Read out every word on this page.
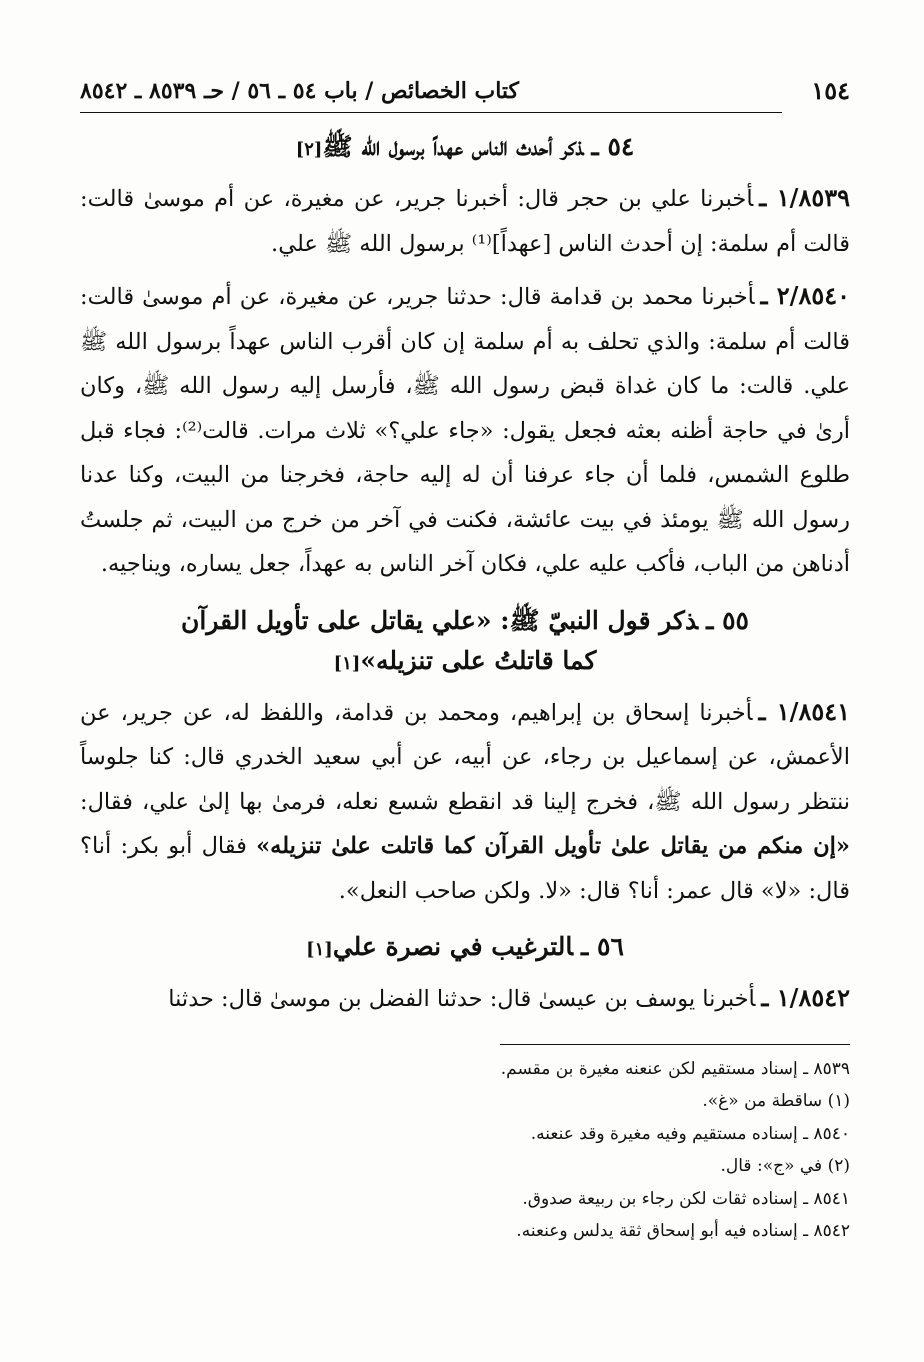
١٥٤
كتاب الخصائص / باب ٥٤ ـ ٥٦ / حـ ٨٥٣٩ ـ ٨٥٤٢
٥٤ ـذكر أحدث الناس عهداً برسول الله ﷺ[٢]

١/٨٥٣٩ ـأخبرنا علي بن حجر قال: أخبرنا جرير، عن مغيرة، عن أم موسىٰ قالت: قالت أم سلمة: إن أحدث الناس [عهداً]⁽¹⁾ برسول الله ﷺ علي.

٢/٨٥٤٠ ـأخبرنا محمد بن قدامة قال: حدثنا جرير، عن مغيرة، عن أم موسىٰ قالت: قالت أم سلمة: والذي تحلف به أم سلمة إن كان أقرب الناس عهداً برسول الله ﷺ علي. قالت: ما كان غداة قبض رسول الله ﷺ، فأرسل إليه رسول الله ﷺ، وكان أرىٰ في حاجة أظنه بعثه فجعل يقول: «جاء علي؟» ثلاث مرات. قالت⁽²⁾: فجاء قبل طلوع الشمس، فلما أن جاء عرفنا أن له إليه حاجة، فخرجنا من البيت، وكنا عدنا رسول الله ﷺ يومئذ في بيت عائشة، فكنت في آخر من خرج من البيت، ثم جلستُ أدناهن من الباب، فأكب عليه علي، فكان آخر الناس به عهداً، جعل يساره، ويناجيه.

٥٥ ـذكر قول النبيّ ﷺ: «علي يقاتل على تأويل القرآن
كما قاتلتُ على تنزيله»[١]

١/٨٥٤١ ـأخبرنا إسحاق بن إبراهيم، ومحمد بن قدامة، واللفظ له، عن جرير، عن الأعمش، عن إسماعيل بن رجاء، عن أبيه، عن أبي سعيد الخدري قال: كنا جلوساً ننتظر رسول الله ﷺ، فخرج إلينا قد انقطع شسع نعله، فرمىٰ بها إلىٰ علي، فقال: «إن منكم من يقاتل علىٰ تأويل القرآن كما قاتلت علىٰ تنزيله» فقال أبو بكر: أنا؟ قال: «لا» قال عمر: أنا؟ قال: «لا. ولكن صاحب النعل».

٥٦ ـالترغيب في نصرة علي[١]

١/٨٥٤٢ ـأخبرنا يوسف بن عيسىٰ قال: حدثنا الفضل بن موسىٰ قال: حدثنا

٨٥٣٩ ـ إسناد مستقيم لكن عنعنه مغيرة بن مقسم.
(١) ساقطة من «غ».
٨٥٤٠ ـ إسناده مستقيم وفيه مغيرة وقد عنعنه.
(٢) في «ج»: قال.
٨٥٤١ ـ إسناده ثقات لكن رجاء بن ربيعة صدوق.
٨٥٤٢ ـ إسناده فيه أبو إسحاق ثقة يدلس وعنعنه.
